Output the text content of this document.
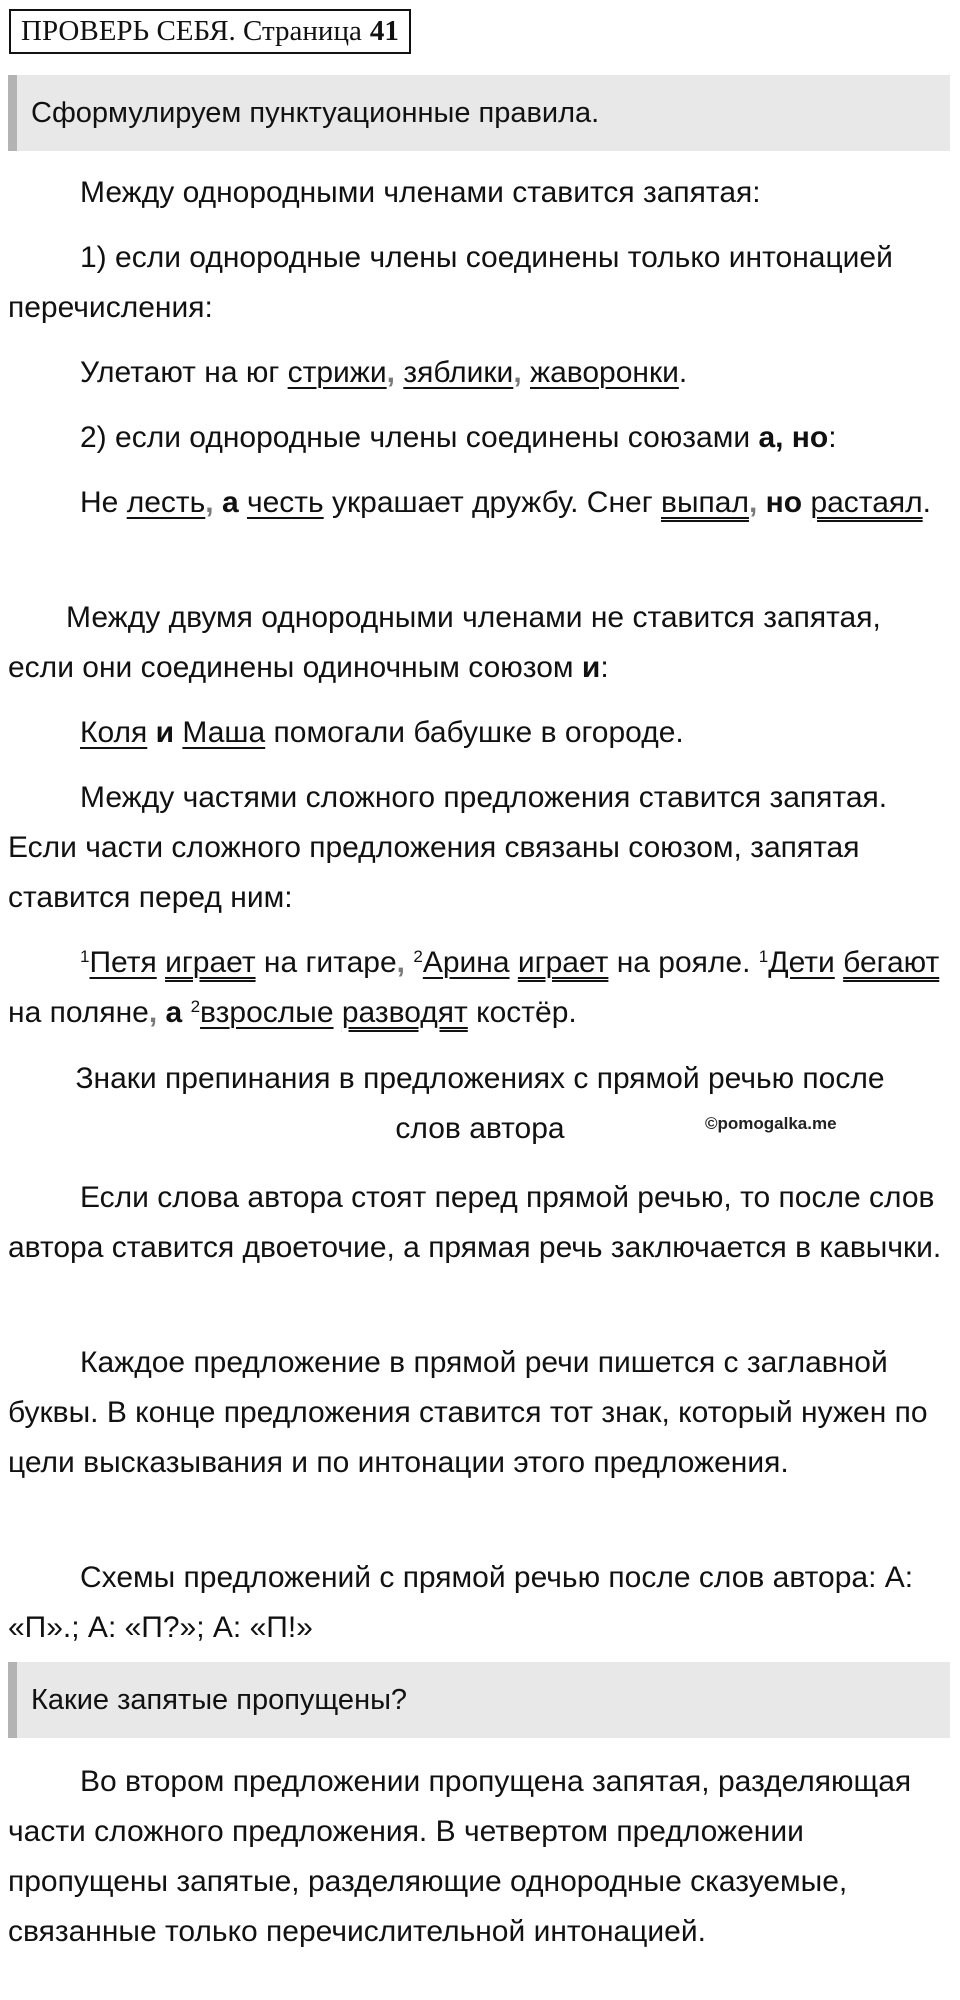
ПРОВЕРЬ СЕБЯ. Страница 41
Сформулируем пунктуационные правила.

Между однородными членами ставится запятая:

1) если однородные члены соединены только интонацией перечисления:

Улетают на юг стрижи, зяблики, жаворонки.

2) если однородные члены соединены союзами а, но:

Не лесть, а честь украшает дружбу. Снег выпал, но растаял.

Между двумя однородными членами не ставится запятая, если они соединены одиночным союзом и:

Коля и Маша помогали бабушке в огороде.

Между частями сложного предложения ставится запятая. Если части сложного предложения связаны союзом, запятая ставится перед ним:

$^1$Петя играет на гитаре, $^2$Арина играет на рояле. $^1$Дети бегают на поляне, а $^2$взрослые разводят костёр.

Знаки препинания в предложениях с прямой речью после

слов автора	©pomogalka.me

Если слова автора стоят перед прямой речью, то после слов автора ставится двоеточие, а прямая речь заключается в кавычки.

Каждое предложение в прямой речи пишется с заглавной буквы. В конце предложения ставится тот знак, который нужен по цели высказывания и по интонации этого предложения.

Схемы предложений с прямой речью после слов автора: А: «П».; А: «П?»; А: «П!»

Какие запятые пропущены?

Во втором предложении пропущена запятая, разделяющая части сложного предложения. В четвертом предложении пропущены запятые, разделяющие однородные сказуемые, связанные только перечислительной интонацией.
